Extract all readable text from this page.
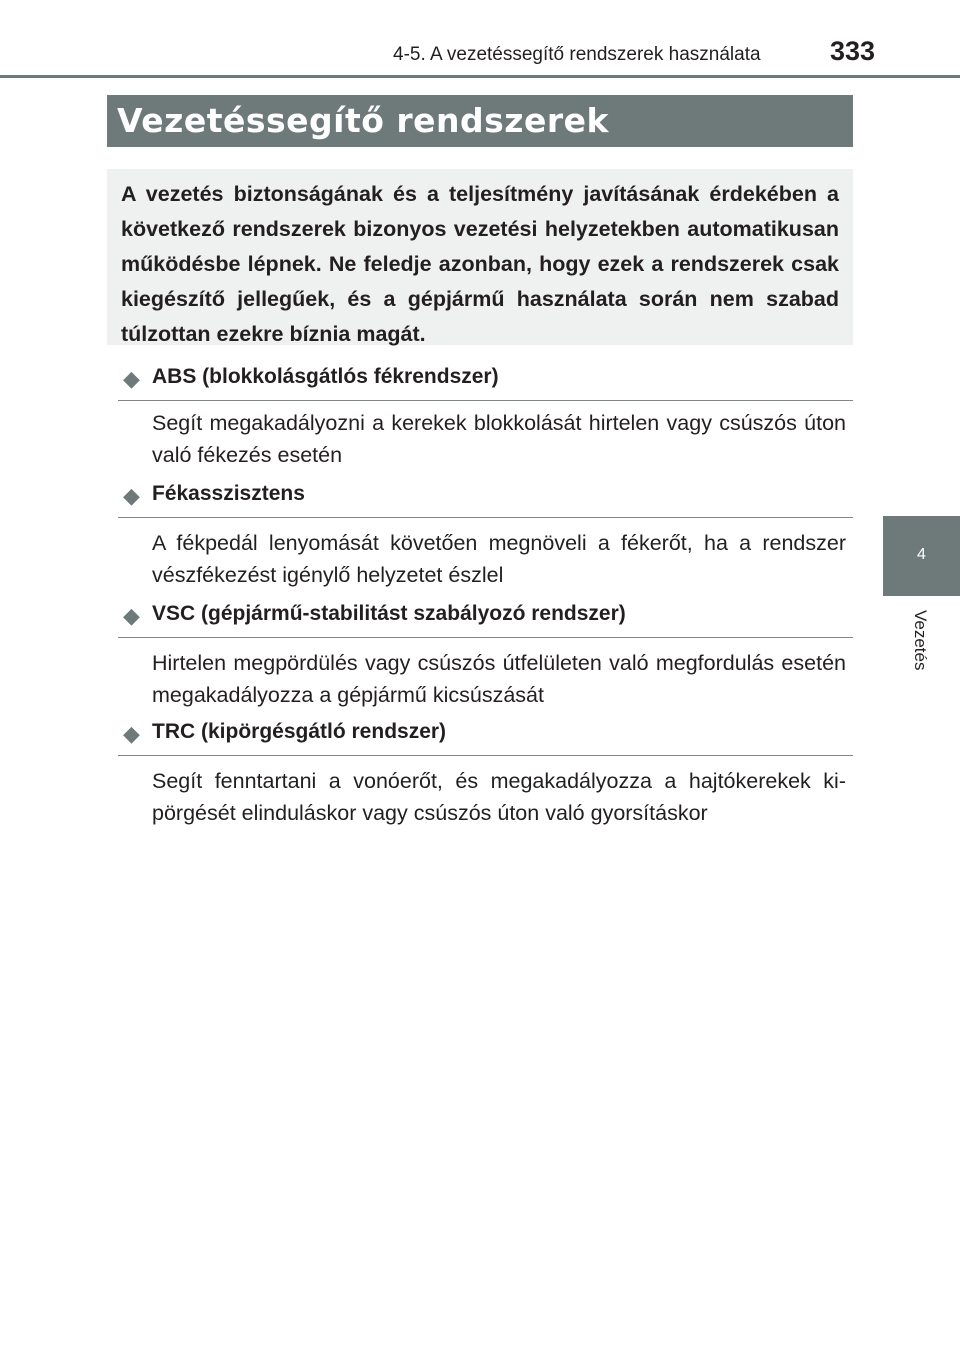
4-5. A vezetéssegítő rendszerek használata	333
Vezetéssegítő rendszerek

A vezetés biztonságának és a teljesítmény javításának érdekében a következő rendszerek bizonyos vezetési helyzetekben automatikusan működésbe lépnek. Ne feledje azonban, hogy ezek a rendszerek csak kiegészítő jellegűek, és a gépjármű használata során nem szabad túlzottan ezekre bíznia magát.

4
Vezetés
◆ ABS (blokkolásgátlós fékrendszer)

Segít megakadályozni a kerekek blokkolását hirtelen vagy csúszós úton való fékezés esetén

◆ Fékasszisztens

A fékpedál lenyomását követően megnöveli a fékerőt, ha a rendszer vészfékezést igénylő helyzetet észlel

◆ VSC (gépjármű-stabilitást szabályozó rendszer)

Hirtelen megpördülés vagy csúszós útfelületen való megfordulás esetén megakadályozza a gépjármű kicsúszását

◆ TRC (kipörgésgátló rendszer)

Segít fenntartani a vonóerőt, és megakadályozza a hajtókerekek kipörgését elinduláskor vagy csúszós úton való gyorsításkor
